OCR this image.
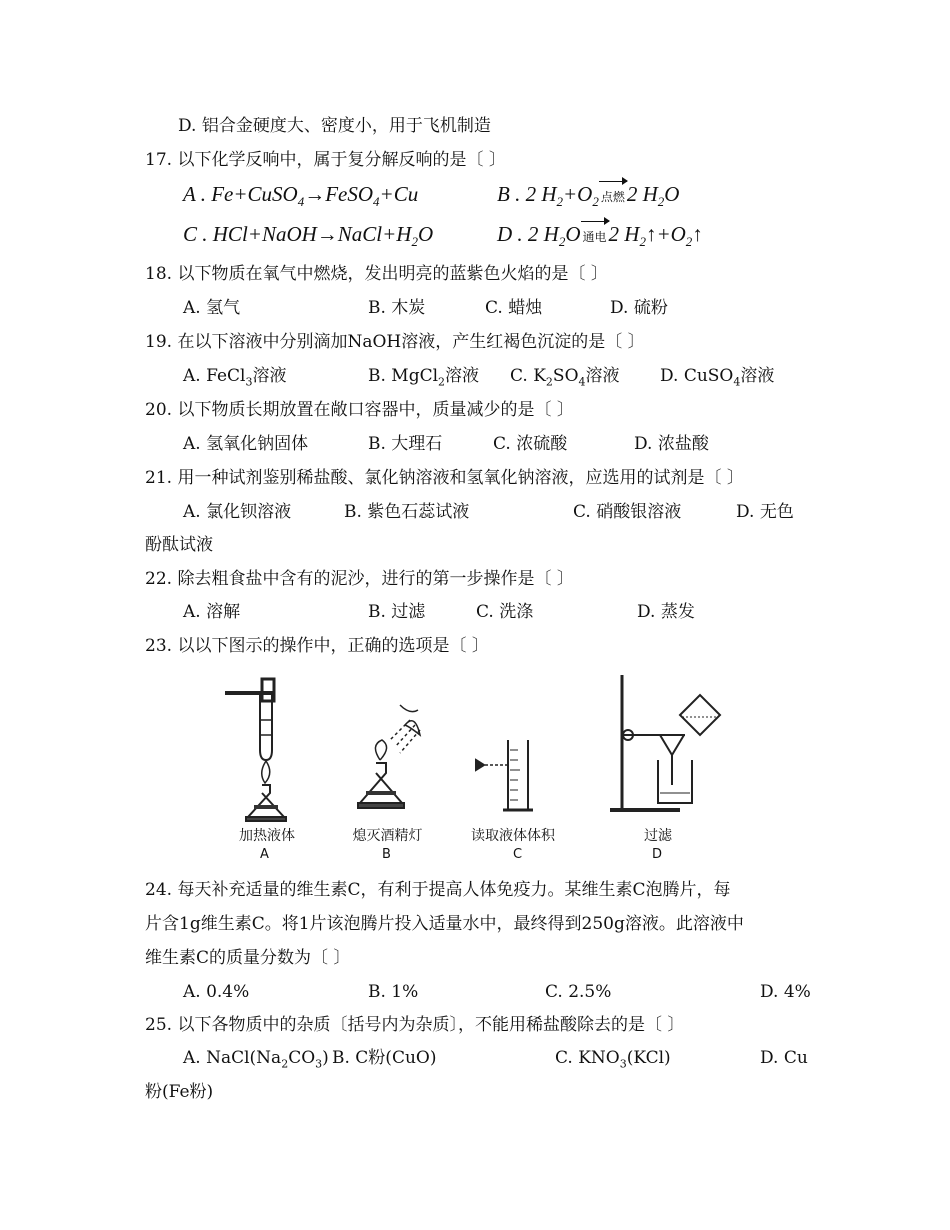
D. 铝合金硬度大、密度小，用于飞机制造
17. 以下化学反响中，属于复分解反响的是〔 〕
A . Fe+CuSO$_4$→FeSO$_4$+Cu	B . 2 $H_2+O_2$ 点燃2 $H_2O$
C . $HCl+NaOH\to NaCl+H_2O$	D . 2 $H_2O$ 通电2 $H_2↑+O_2↑$
18. 以下物质在氧气中燃烧，发出明亮的蓝紫色火焰的是〔 〕
A. 氢气	B. 木炭	C. 蜡烛	D. 硫粉
19. 在以下溶液中分别滴加NaOH溶液，产生红褐色沉淀的是〔 〕
A. FeCl$_3$溶液	B. MgCl$_2$溶液 C. $K_2SO_4$溶液 D. CuSO$_4$溶液
20. 以下物质长期放置在敞口容器中，质量减少的是〔 〕
A. 氢氧化钠固体	B. 大理石	C. 浓硫酸	D. 浓盐酸
21. 用一种试剂鉴别稀盐酸、氯化钠溶液和氢氧化钠溶液，应选用的试剂是〔 〕
A. 氯化钡溶液	B. 紫色石蕊试液	C. 硝酸银溶液	D. 无色
酚酞试液
22. 除去粗食盐中含有的泥沙，进行的第一步操作是〔 〕
A. 溶解	B. 过滤	C. 洗涤	D. 蒸发
23. 以以下图示的操作中，正确的选项是〔 〕
加热液体	熄灭酒精灯	读取液体体积	过滤
A	B	C	D
24. 每天补充适量的维生素C，有利于提高人体免疫力。某维生素C泡腾片，每
片含1g维生素C。将1片该泡腾片投入适量水中，最终得到250g溶液。此溶液中
维生素C的质量分数为〔 〕
A. 0.4%	B. 1%	C. 2.5%	D. 4%
25. 以下各物质中的杂质〔括号内为杂质〕，不能用稀盐酸除去的是〔 〕
A. $NaCl(Na_2CO_3)$ B. C粉(CuO)	C. $KNO_3(KCl)$	D. Cu
粉(Fe粉)
